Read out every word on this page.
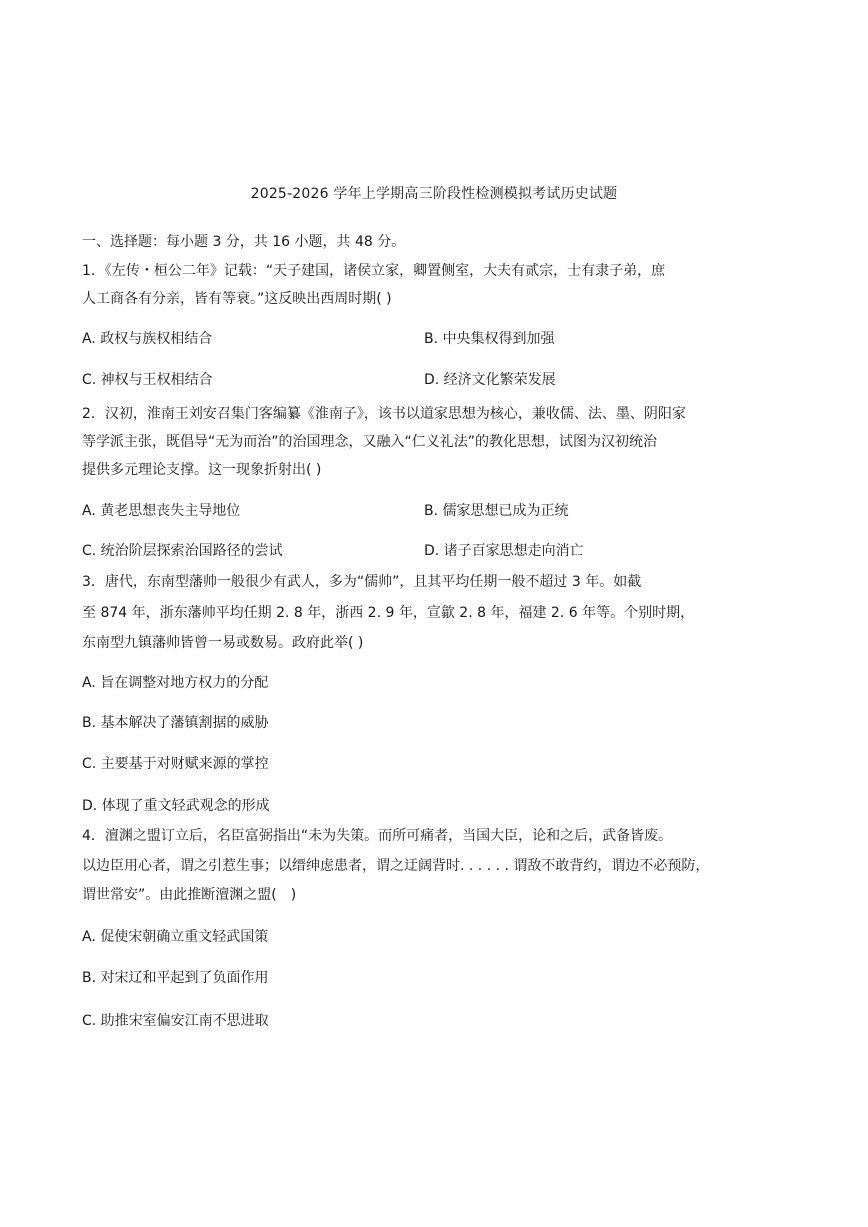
2025-2026 学年上学期高三阶段性检测模拟考试历史试题
一、选择题：每小题 3 分，共 16 小题，共 48 分。
1．《左传・桓公二年》记载：“天子建国，诸侯立家，卿置侧室，大夫有贰宗，士有隶子弟，庶
人工商各有分亲，皆有等衰。”这反映出西周时期( )
A. 政权与族权相结合	B. 中央集权得到加强
C. 神权与王权相结合	D. 经济文化繁荣发展
2．汉初，淮南王刘安召集门客编纂《淮南子》，该书以道家思想为核心，兼收儒、法、墨、阴阳家
等学派主张，既倡导“无为而治”的治国理念，又融入“仁义礼法”的教化思想，试图为汉初统治
提供多元理论支撑。这一现象折射出( )
A. 黄老思想丧失主导地位	B. 儒家思想已成为正统
C. 统治阶层探索治国路径的尝试	D. 诸子百家思想走向消亡
3．唐代，东南型藩帅一般很少有武人，多为“儒帅”，且其平均任期一般不超过 3 年。如截
至 874 年，浙东藩帅平均任期 2. 8 年，浙西 2. 9 年，宣歙 2. 8 年，福建 2. 6 年等。个别时期，
东南型九镇藩帅皆曾一易或数易。政府此举( )
A. 旨在调整对地方权力的分配
B. 基本解决了藩镇割据的威胁
C. 主要基于对财赋来源的掌控
D. 体现了重文轻武观念的形成
4．澶渊之盟订立后，名臣富弼指出“未为失策。而所可痛者，当国大臣，论和之后，武备皆废。
以边臣用心者，谓之引惹生事；以缙绅虑患者，谓之迂阔背时. . . . . . 谓敌不敢背约，谓边不必预防，
谓世常安”。由此推断澶渊之盟(　)
A. 促使宋朝确立重文轻武国策
B. 对宋辽和平起到了负面作用
C. 助推宋室偏安江南不思进取
